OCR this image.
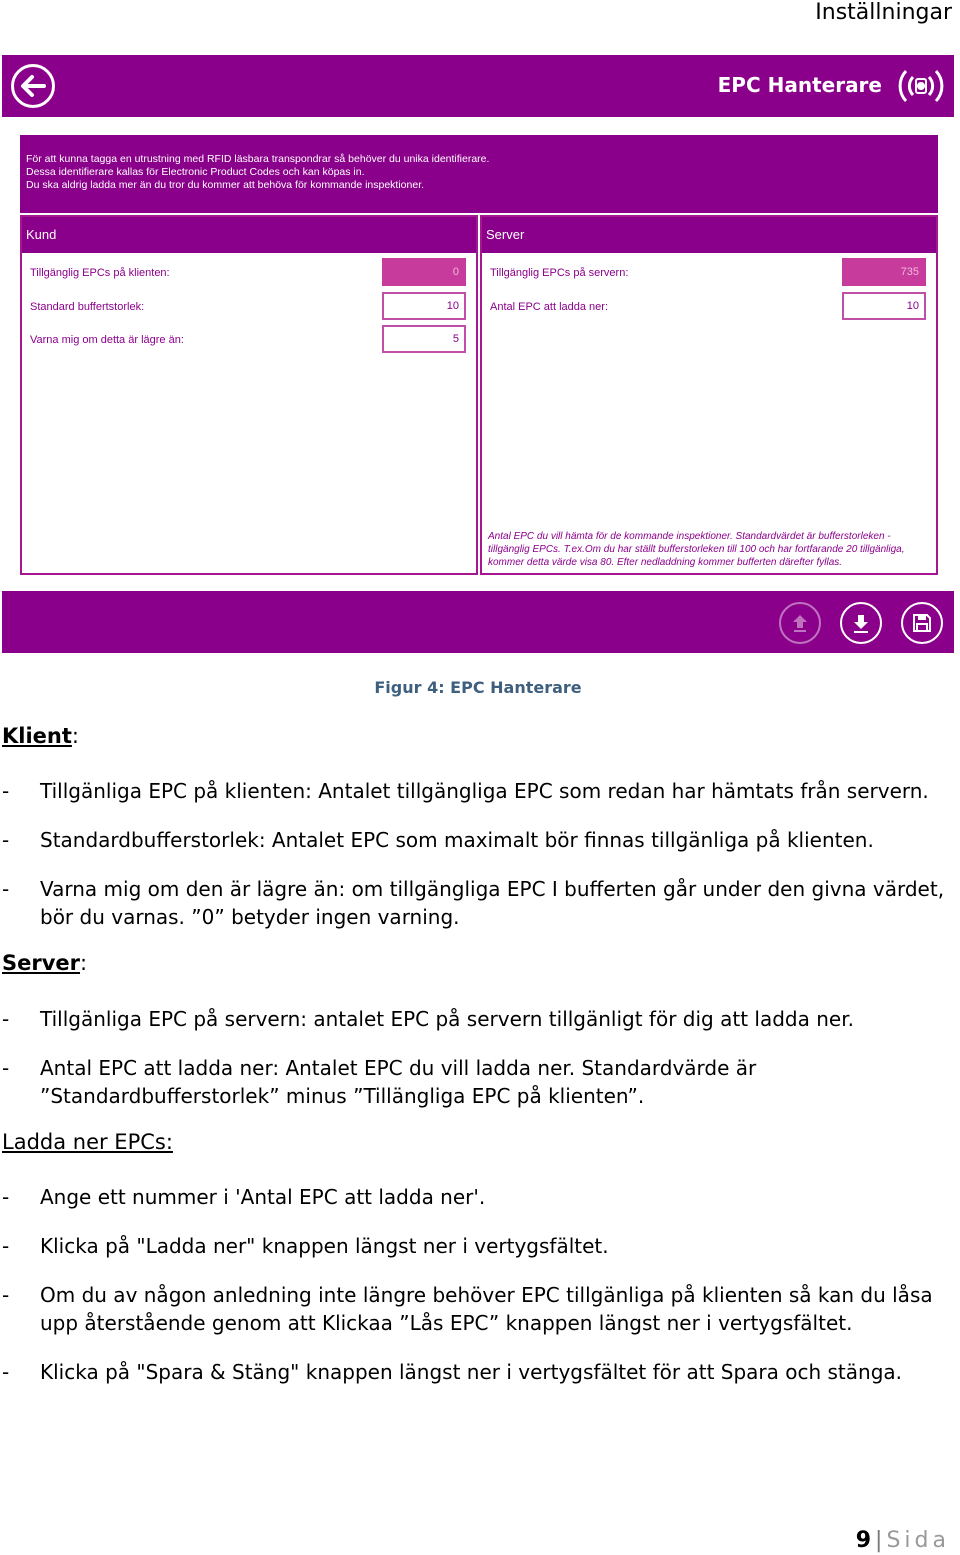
Inställningar
EPC Hanterare
För att kunna tagga en utrustning med RFID läsbara transpondrar så behöver du unika identifierare.
Dessa identifierare kallas för Electronic Product Codes och kan köpas in.
Du ska aldrig ladda mer än du tror du kommer att behöva för kommande inspektioner.
Kund
Tillgänglig EPCs på klienten:	0
Standard buffertstorlek:	10
Varna mig om detta är lägre än:	5
Server
Tillgänglig EPCs på servern:	735
Antal EPC att ladda ner:	10
Antal EPC du vill hämta för de kommande inspektioner. Standardvärdet är bufferstorleken - tillgänglig EPCs. T.ex.Om du har ställt bufferstorleken till 100 och har fortfarande 20 tillgänliga, kommer detta värde visa 80. Efter nedladdning kommer bufferten därefter fyllas.
Figur 4: EPC Hanterare
Klient:
- Tillgänliga EPC på klienten: Antalet tillgängliga EPC som redan har hämtats från servern.
- Standardbufferstorlek: Antalet EPC som maximalt bör finnas tillgänliga på klienten.
- Varna mig om den är lägre än: om tillgängliga EPC I bufferten går under den givna värdet, bör du varnas. ”0” betyder ingen varning.
Server:
- Tillgänliga EPC på servern: antalet EPC på servern tillgänligt för dig att ladda ner.
- Antal EPC att ladda ner: Antalet EPC du vill ladda ner. Standardvärde är ”Standardbufferstorlek” minus ”Tillängliga EPC på klienten”.
Ladda ner EPCs:
- Ange ett nummer i 'Antal EPC att ladda ner'.
- Klicka på "Ladda ner" knappen längst ner i vertygsfältet.
- Om du av någon anledning inte längre behöver EPC tillgänliga på klienten så kan du låsa upp återstående genom att Klickaa ”Lås EPC” knappen längst ner i vertygsfältet.
- Klicka på "Spara & Stäng" knappen längst ner i vertygsfältet för att Spara och stänga.
9 | Sida
